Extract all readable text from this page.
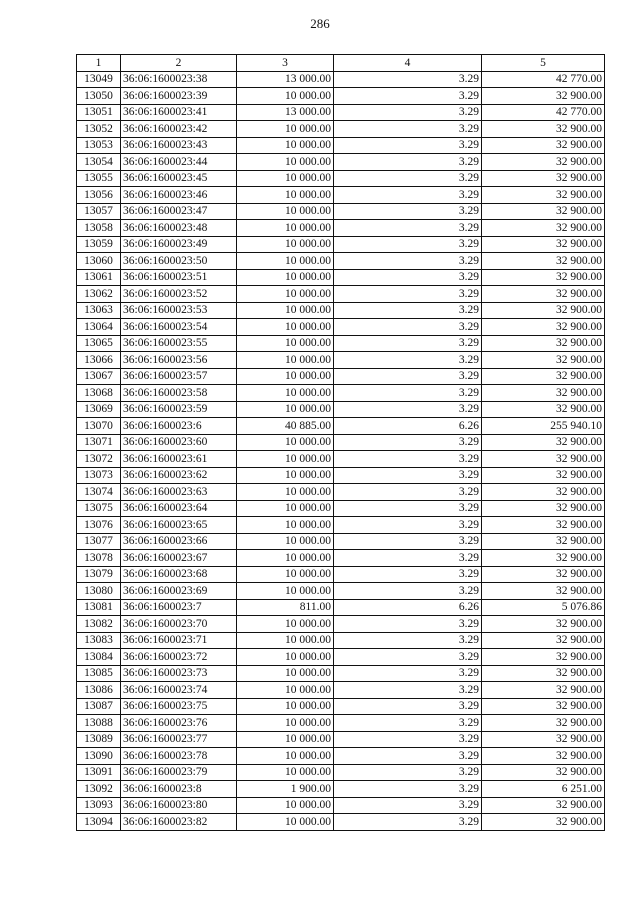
286
1	2	3	4	5
13049	36:06:1600023:38	13 000.00	3.29	42 770.00
13050	36:06:1600023:39	10 000.00	3.29	32 900.00
13051	36:06:1600023:41	13 000.00	3.29	42 770.00
13052	36:06:1600023:42	10 000.00	3.29	32 900.00
13053	36:06:1600023:43	10 000.00	3.29	32 900.00
13054	36:06:1600023:44	10 000.00	3.29	32 900.00
13055	36:06:1600023:45	10 000.00	3.29	32 900.00
13056	36:06:1600023:46	10 000.00	3.29	32 900.00
13057	36:06:1600023:47	10 000.00	3.29	32 900.00
13058	36:06:1600023:48	10 000.00	3.29	32 900.00
13059	36:06:1600023:49	10 000.00	3.29	32 900.00
13060	36:06:1600023:50	10 000.00	3.29	32 900.00
13061	36:06:1600023:51	10 000.00	3.29	32 900.00
13062	36:06:1600023:52	10 000.00	3.29	32 900.00
13063	36:06:1600023:53	10 000.00	3.29	32 900.00
13064	36:06:1600023:54	10 000.00	3.29	32 900.00
13065	36:06:1600023:55	10 000.00	3.29	32 900.00
13066	36:06:1600023:56	10 000.00	3.29	32 900.00
13067	36:06:1600023:57	10 000.00	3.29	32 900.00
13068	36:06:1600023:58	10 000.00	3.29	32 900.00
13069	36:06:1600023:59	10 000.00	3.29	32 900.00
13070	36:06:1600023:6	40 885.00	6.26	255 940.10
13071	36:06:1600023:60	10 000.00	3.29	32 900.00
13072	36:06:1600023:61	10 000.00	3.29	32 900.00
13073	36:06:1600023:62	10 000.00	3.29	32 900.00
13074	36:06:1600023:63	10 000.00	3.29	32 900.00
13075	36:06:1600023:64	10 000.00	3.29	32 900.00
13076	36:06:1600023:65	10 000.00	3.29	32 900.00
13077	36:06:1600023:66	10 000.00	3.29	32 900.00
13078	36:06:1600023:67	10 000.00	3.29	32 900.00
13079	36:06:1600023:68	10 000.00	3.29	32 900.00
13080	36:06:1600023:69	10 000.00	3.29	32 900.00
13081	36:06:1600023:7	811.00	6.26	5 076.86
13082	36:06:1600023:70	10 000.00	3.29	32 900.00
13083	36:06:1600023:71	10 000.00	3.29	32 900.00
13084	36:06:1600023:72	10 000.00	3.29	32 900.00
13085	36:06:1600023:73	10 000.00	3.29	32 900.00
13086	36:06:1600023:74	10 000.00	3.29	32 900.00
13087	36:06:1600023:75	10 000.00	3.29	32 900.00
13088	36:06:1600023:76	10 000.00	3.29	32 900.00
13089	36:06:1600023:77	10 000.00	3.29	32 900.00
13090	36:06:1600023:78	10 000.00	3.29	32 900.00
13091	36:06:1600023:79	10 000.00	3.29	32 900.00
13092	36:06:1600023:8	1 900.00	3.29	6 251.00
13093	36:06:1600023:80	10 000.00	3.29	32 900.00
13094	36:06:1600023:82	10 000.00	3.29	32 900.00
